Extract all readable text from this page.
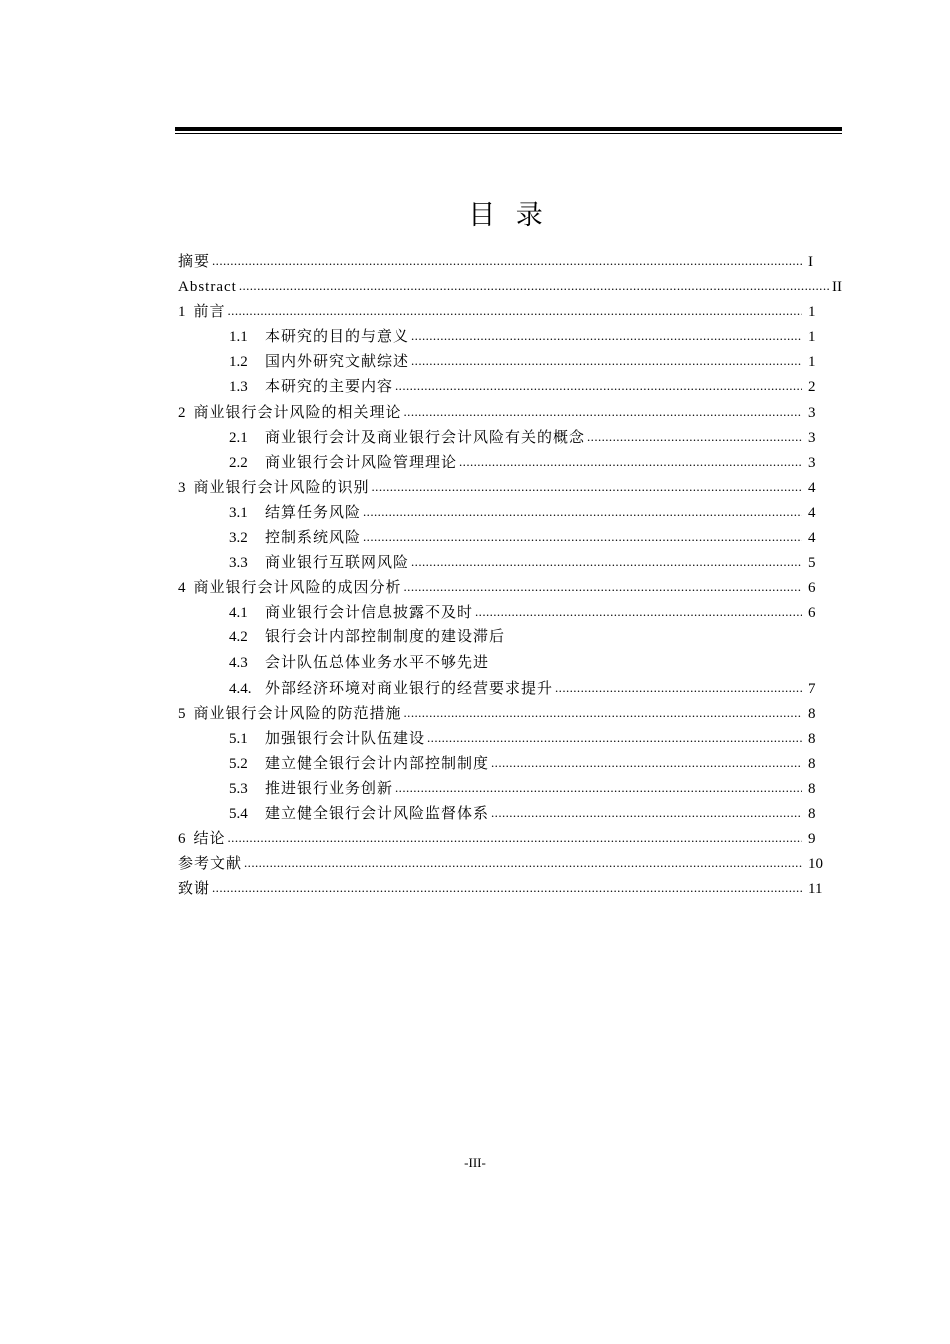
目 录
摘要 .....	I
Abstract .....	II
1 前言 .....	1
1.1	本研究的目的与意义 .....	1
1.2	国内外研究文献综述 .....	1
1.3	本研究的主要内容 .....	2
2 商业银行会计风险的相关理论 .....	3
2.1	商业银行会计及商业银行会计风险有关的概念 .....	3
2.2	商业银行会计风险管理理论 .....	3
3 商业银行会计风险的识别 .....	4
3.1	结算任务风险 .....	4
3.2	控制系统风险 .....	4
3.3	商业银行互联网风险 .....	5
4 商业银行会计风险的成因分析 .....	6
4.1	商业银行会计信息披露不及时 .....	6
4.2	银行会计内部控制制度的建设滞后
4.3	会计队伍总体业务水平不够先进
4.4. 外部经济环境对商业银行的经营要求提升 .....	7
5 商业银行会计风险的防范措施 .....	8
5.1	加强银行会计队伍建设 .....	8
5.2	建立健全银行会计内部控制制度 .....	8
5.3	推进银行业务创新 .....	8
5.4	建立健全银行会计风险监督体系 .....	8
6 结论 .....	9
参考文献 .....	10
致谢 .....	11
-III-
